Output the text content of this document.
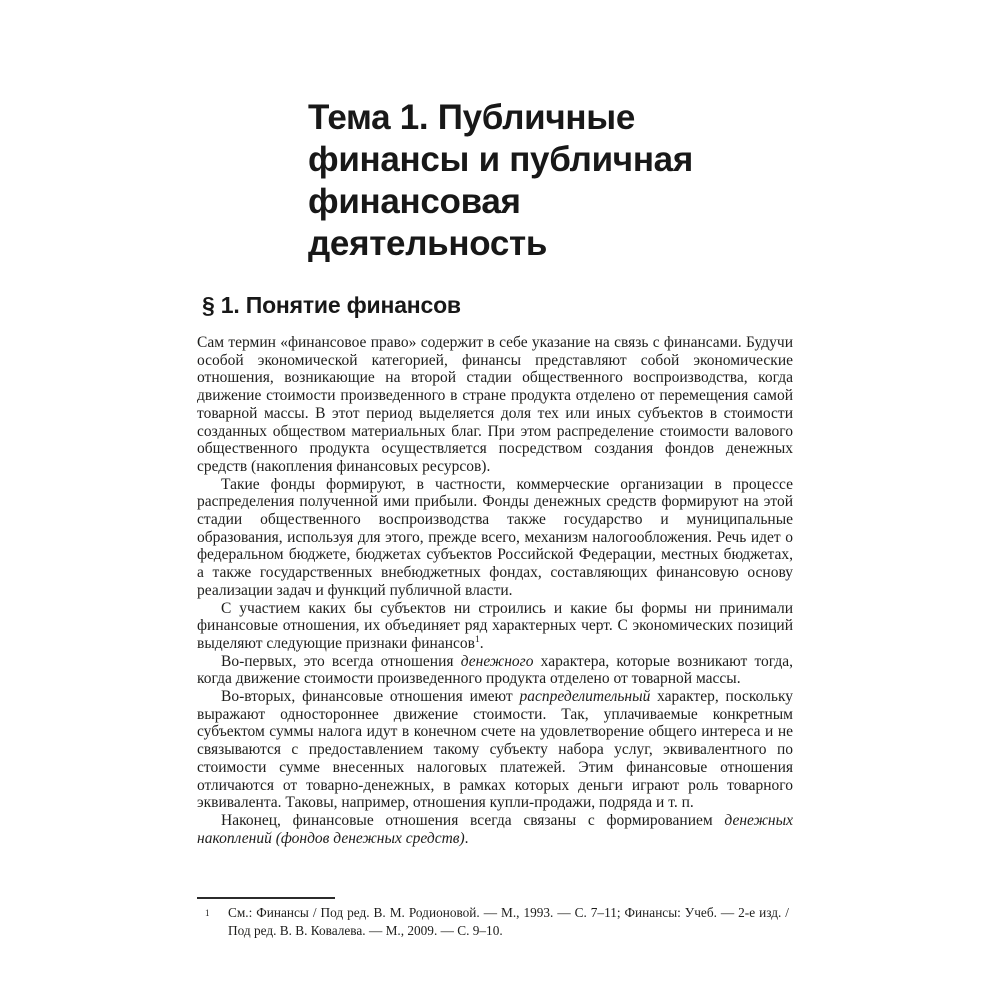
Тема 1. Публичные
финансы и публичная
финансовая
деятельность
§ 1. Понятие финансов

Сам термин «финансовое право» содержит в себе указание на связь с финансами. Будучи особой экономической категорией, финансы представляют собой экономические отношения, возникающие на второй стадии общественного воспроизводства, когда движение стоимости произведенного в стране продукта отделено от перемещения самой товарной массы. В этот период выделяется доля тех или иных субъектов в стоимости созданных обществом материальных благ. При этом распределение стоимости валового общественного продукта осуществляется посредством создания фондов денежных средств (накопления финансовых ресурсов).

Такие фонды формируют, в частности, коммерческие организации в процессе распределения полученной ими прибыли. Фонды денежных средств формируют на этой стадии общественного воспроизводства также государство и муниципальные образования, используя для этого, прежде всего, механизм налогообложения. Речь идет о федеральном бюджете, бюджетах субъектов Российской Федерации, местных бюджетах, а также государственных внебюджетных фондах, составляющих финансовую основу реализации задач и функций публичной власти.

С участием каких бы субъектов ни строились и какие бы формы ни принимали финансовые отношения, их объединяет ряд характерных черт. С экономических позиций выделяют следующие признаки финансов$^1$.

Во-первых, это всегда отношения денежного характера, которые возникают тогда, когда движение стоимости произведенного продукта отделено от товарной массы.

Во-вторых, финансовые отношения имеют распределительный характер, поскольку выражают одностороннее движение стоимости. Так, уплачиваемые конкретным субъектом суммы налога идут в конечном счете на удовлетворение общего интереса и не связываются с предоставлением такому субъекту набора услуг, эквивалентного по стоимости сумме внесенных налоговых платежей. Этим финансовые отношения отличаются от товарно-денежных, в рамках которых деньги играют роль товарного эквивалента. Таковы, например, отношения купли-продажи, подряда и т. п.

Наконец, финансовые отношения всегда связаны с формированием денежных накоплений (фондов денежных средств).

1 См.: Финансы / Под ред. В. М. Родионовой. — М., 1993. — С. 7–11; Финансы: Учеб. — 2-е изд. / Под ред. В. В. Ковалева. — М., 2009. — С. 9–10.
